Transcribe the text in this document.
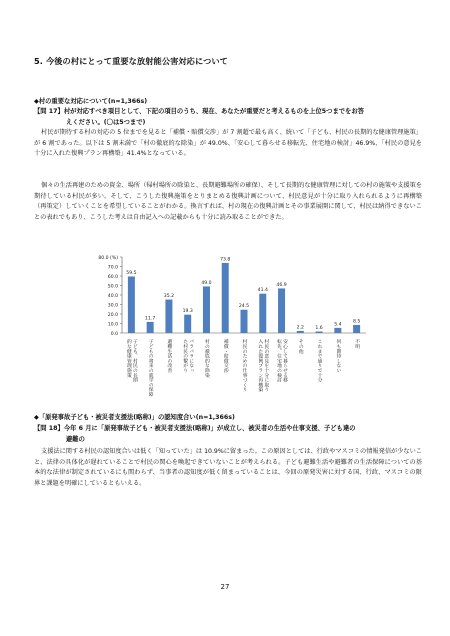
5. 今後の村にとって重要な放射能公害対応について
◆村の重要な対応について(n=1,366s)
【問 17】村が対応すべき項目として、下記の項目のうち、現在、あなたが重要だと考えるものを上位5つまでをお答
えください。(〇は5つまで)
村民が期待する村の対応の 5 位までを見ると「補償・賠償交渉」が 7 割超で最も高く、続いて「子ども、村民の長期的な健康管理施策」が 6 割であった。以下は 5 割未満で「村の徹底的な除染」が 49.0%、「安心して暮らせる移転先、住宅地の検討」46.9%、「村民の意見を十分に入れた復興プラン再構築」41.4%となっている。
個々の生活再建のための資金、場所（帰村場所の除染と、長期避難場所の確保）、そして長期的な健康管理に対しての村の施策や支援策を期待している村民が多い。そして、こうした復興施策をとりまとめる復興計画について、村民意見が十分に取り入れられるように再構築（再策定）していくことを希望していることがわかる。換言すれば、村の現在の復興計画とその事業展開に関して、村民は納得できないことの表れでもあり、こうした考えは自由記入への記載からも十分に読み取ることができた。
80.0 (%)
70.0
60.0
50.0
40.0
30.0
20.0
10.0
0.0
59.5
子ども、村民の長期
的な健康管理施策
11.7
子どもの将来の就学の保障
35.2
避難生活の改善
19.3
バラバラになっ
た村民の繋がり
49.0
村の徹底的な除染
73.8
補償・賠償交渉
24.5
村民のための仕事づくり
41.4
村民の意見を十分に取り
入れた復興プラン再構築
46.9
安心して暮らせる移
転先、住宅地の検討
2.2
その他
1.6
これまで通りで十分
5.4
何も期待しない
8.5
不明
◆「原発事故子ども・被災者支援法(略称)」の認知度合い(n=1,366s)
【問 18】今年 6 月に「原発事故子ども・被災者支援法(略称)」が成立し、被災者の生活や仕事支援、子ども達の
避難の
支援法に関する村民の認知度合いは低く「知っていた」は 10.9%に留まった。この原因としては、行政やマスコミの情報発信が少ないこと、法律の具体化が遅れていることで村民の関心を喚起できていないことが考えられる。子ども避難生活や避難者の生活保障についての基本的な法律が制定されているにも関わらず、当事者の認知度が低く留まっていることは、今回の原発災害に対する国、行政、マスコミの限界と課題を明確にしているともいえる。
27
